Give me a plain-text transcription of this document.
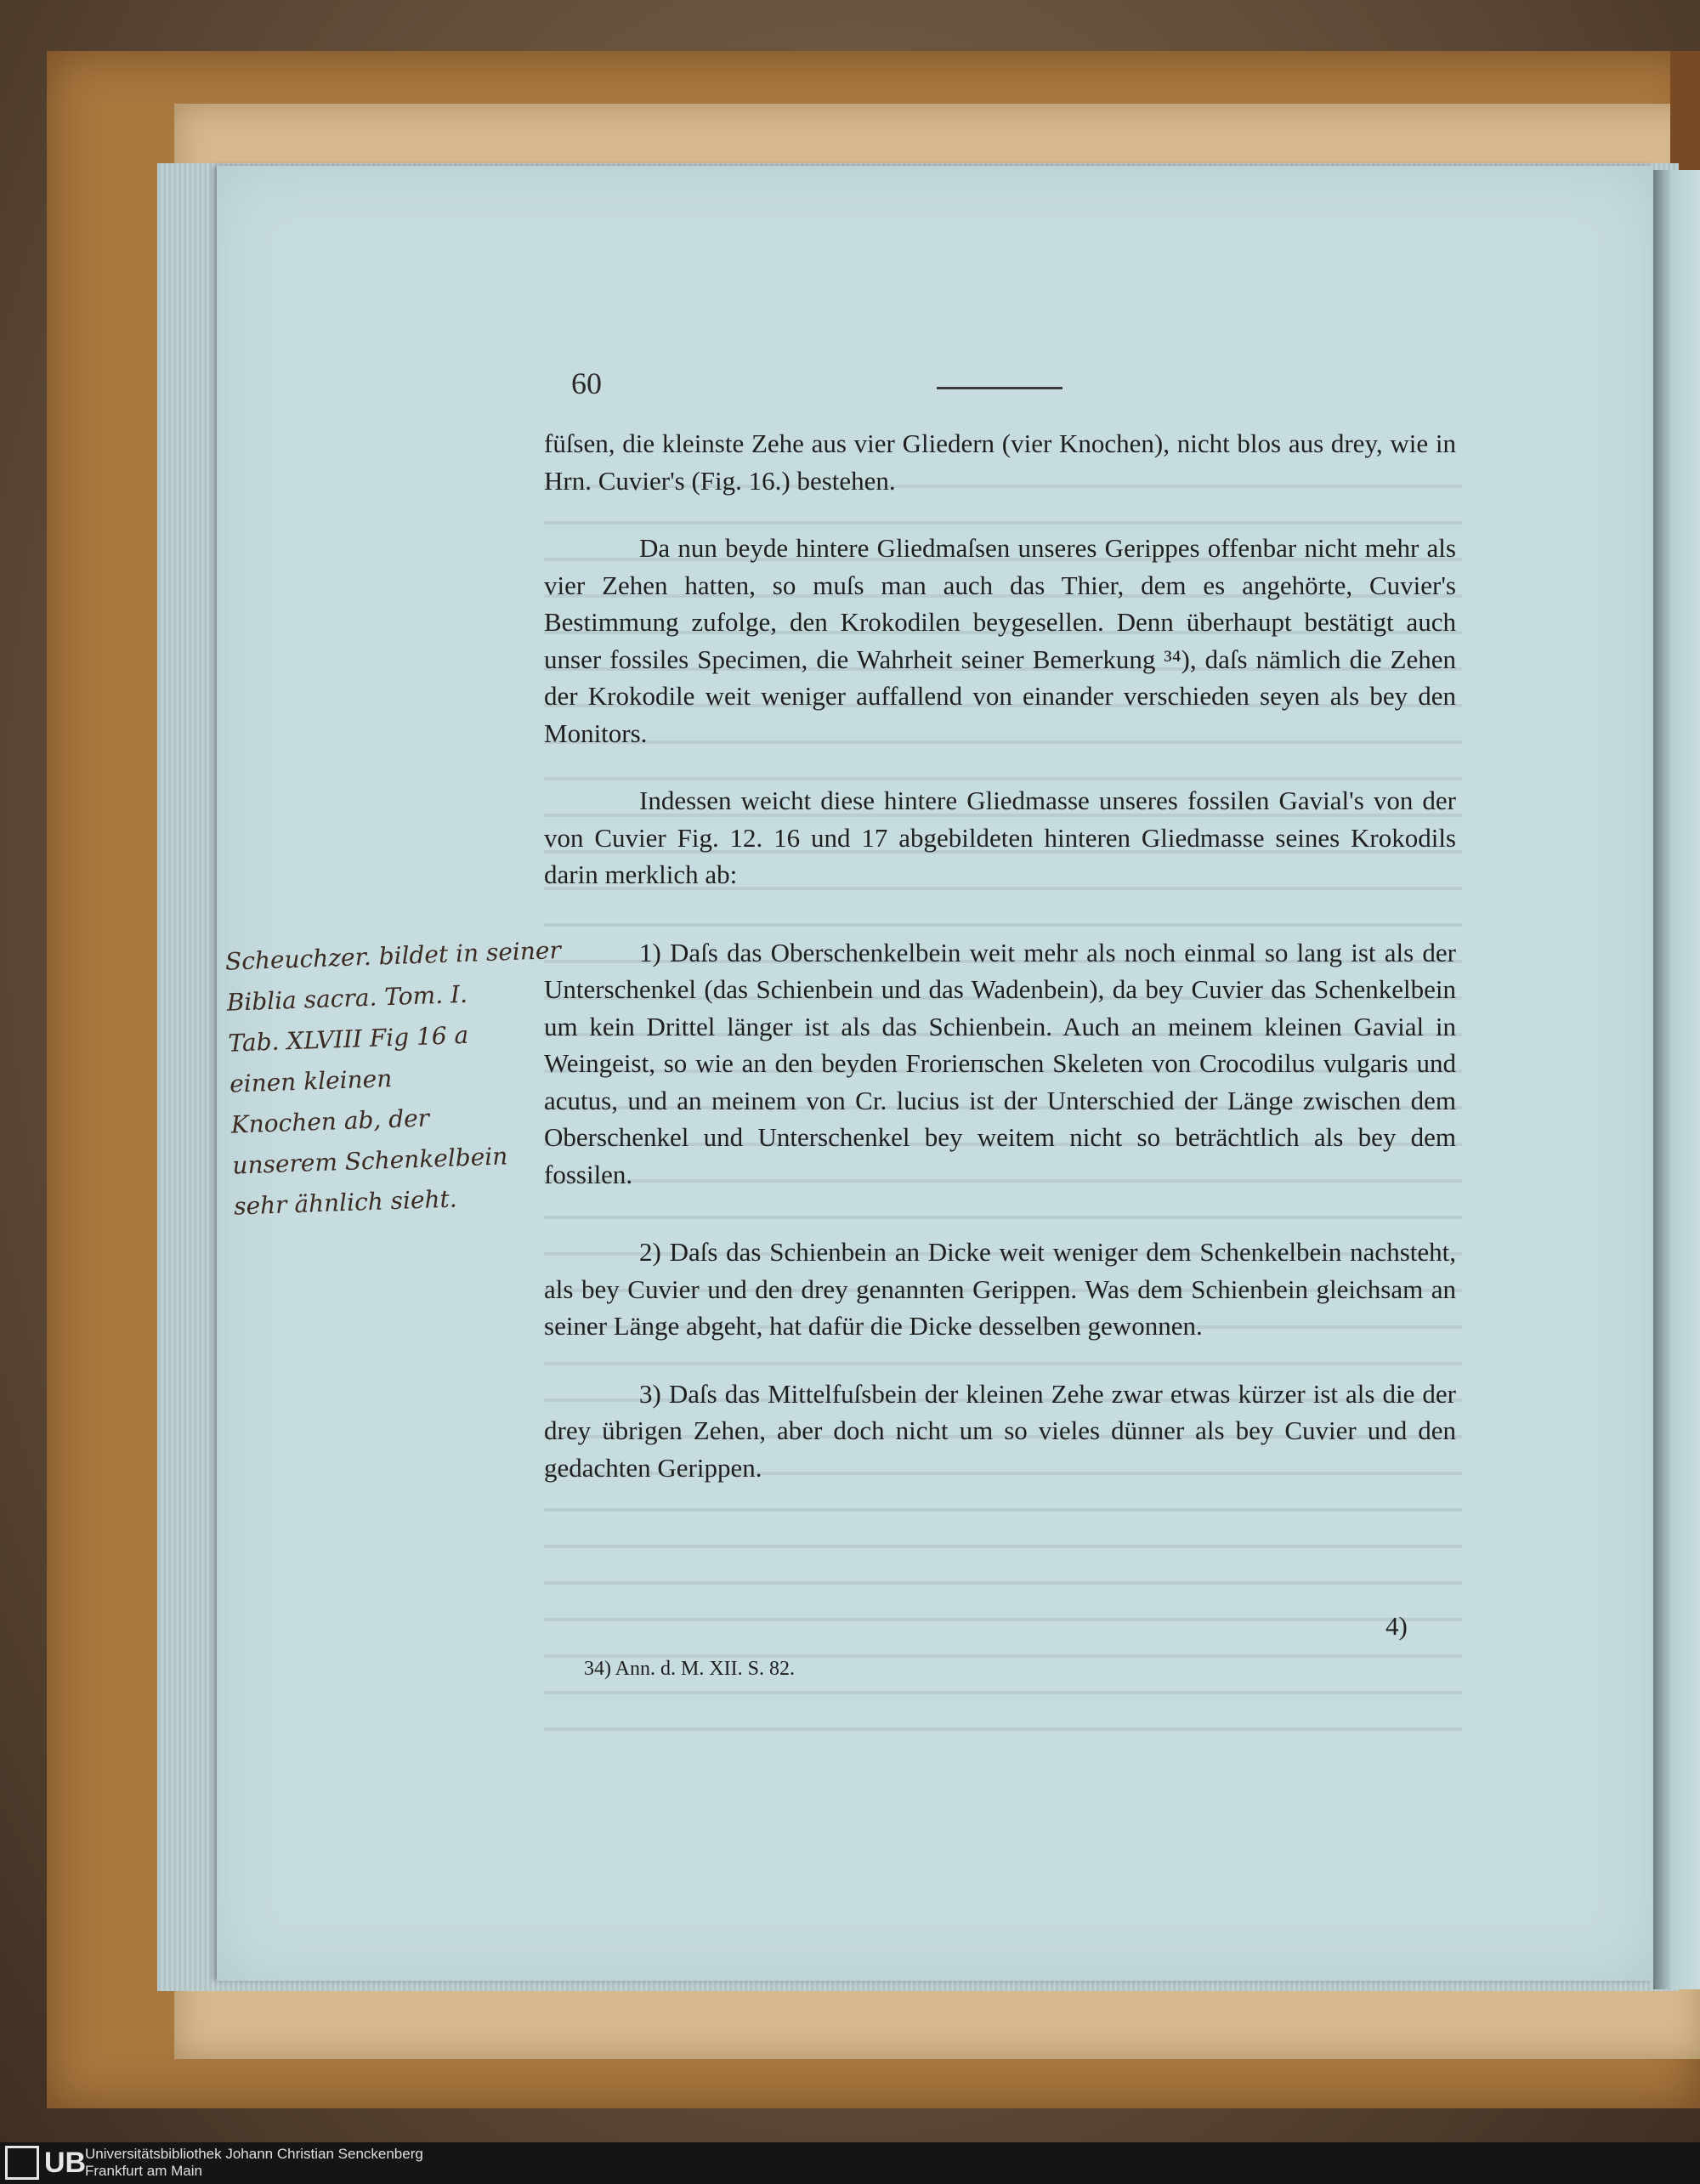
60

füſsen, die kleinste Zehe aus vier Gliedern (vier Knochen), nicht blos aus drey, wie in Hrn. Cuvier's (Fig. 16.) bestehen.

Da nun beyde hintere Gliedmaſsen unseres Gerippes offenbar nicht mehr als vier Zehen hatten, so muſs man auch das Thier, dem es angehörte, Cuvier's Bestimmung zufolge, den Krokodilen beygesellen. Denn überhaupt bestätigt auch unser fossiles Specimen, die Wahrheit seiner Bemerkung ³⁴), daſs nämlich die Zehen der Krokodile weit weniger auffallend von einander verschieden seyen als bey den Monitors.

Indessen weicht diese hintere Gliedmasse unseres fossilen Gavial's von der von Cuvier Fig. 12. 16 und 17 abgebildeten hinteren Gliedmasse seines Krokodils darin merklich ab:

1) Daſs das Oberschenkelbein weit mehr als noch einmal so lang ist als der Unterschenkel (das Schienbein und das Wadenbein), da bey Cuvier das Schenkelbein um kein Drittel länger ist als das Schienbein. Auch an meinem kleinen Gavial in Weingeist, so wie an den beyden Frorieпschen Skeleten von Crocodilus vulgaris und acutus, und an meinem von Cr. lucius ist der Unterschied der Länge zwischen dem Oberschenkel und Unterschenkel bey weitem nicht so beträchtlich als bey dem fossilen.

2) Daſs das Schienbein an Dicke weit weniger dem Schenkelbein nachsteht, als bey Cuvier und den drey genannten Gerippen. Was dem Schienbein gleichsam an seiner Länge abgeht, hat dafür die Dicke desselben gewonnen.

3) Daſs das Mittelfuſsbein der kleinen Zehe zwar etwas kürzer ist als die der drey übrigen Zehen, aber doch nicht um so vieles dünner als bey Cuvier und den gedachten Gerippen.

4)
34) Ann. d. M. XII. S. 82.
Scheuchzer. bildet in seiner
Biblia sacra. Tom. I.
Tab. XLVIII Fig 16 a
einen kleinen
Knochen ab, der
unserem Schenkelbein
sehr ähnlich sieht.
UB
Universitätsbibliothek Johann Christian Senckenberg
Frankfurt am Main
